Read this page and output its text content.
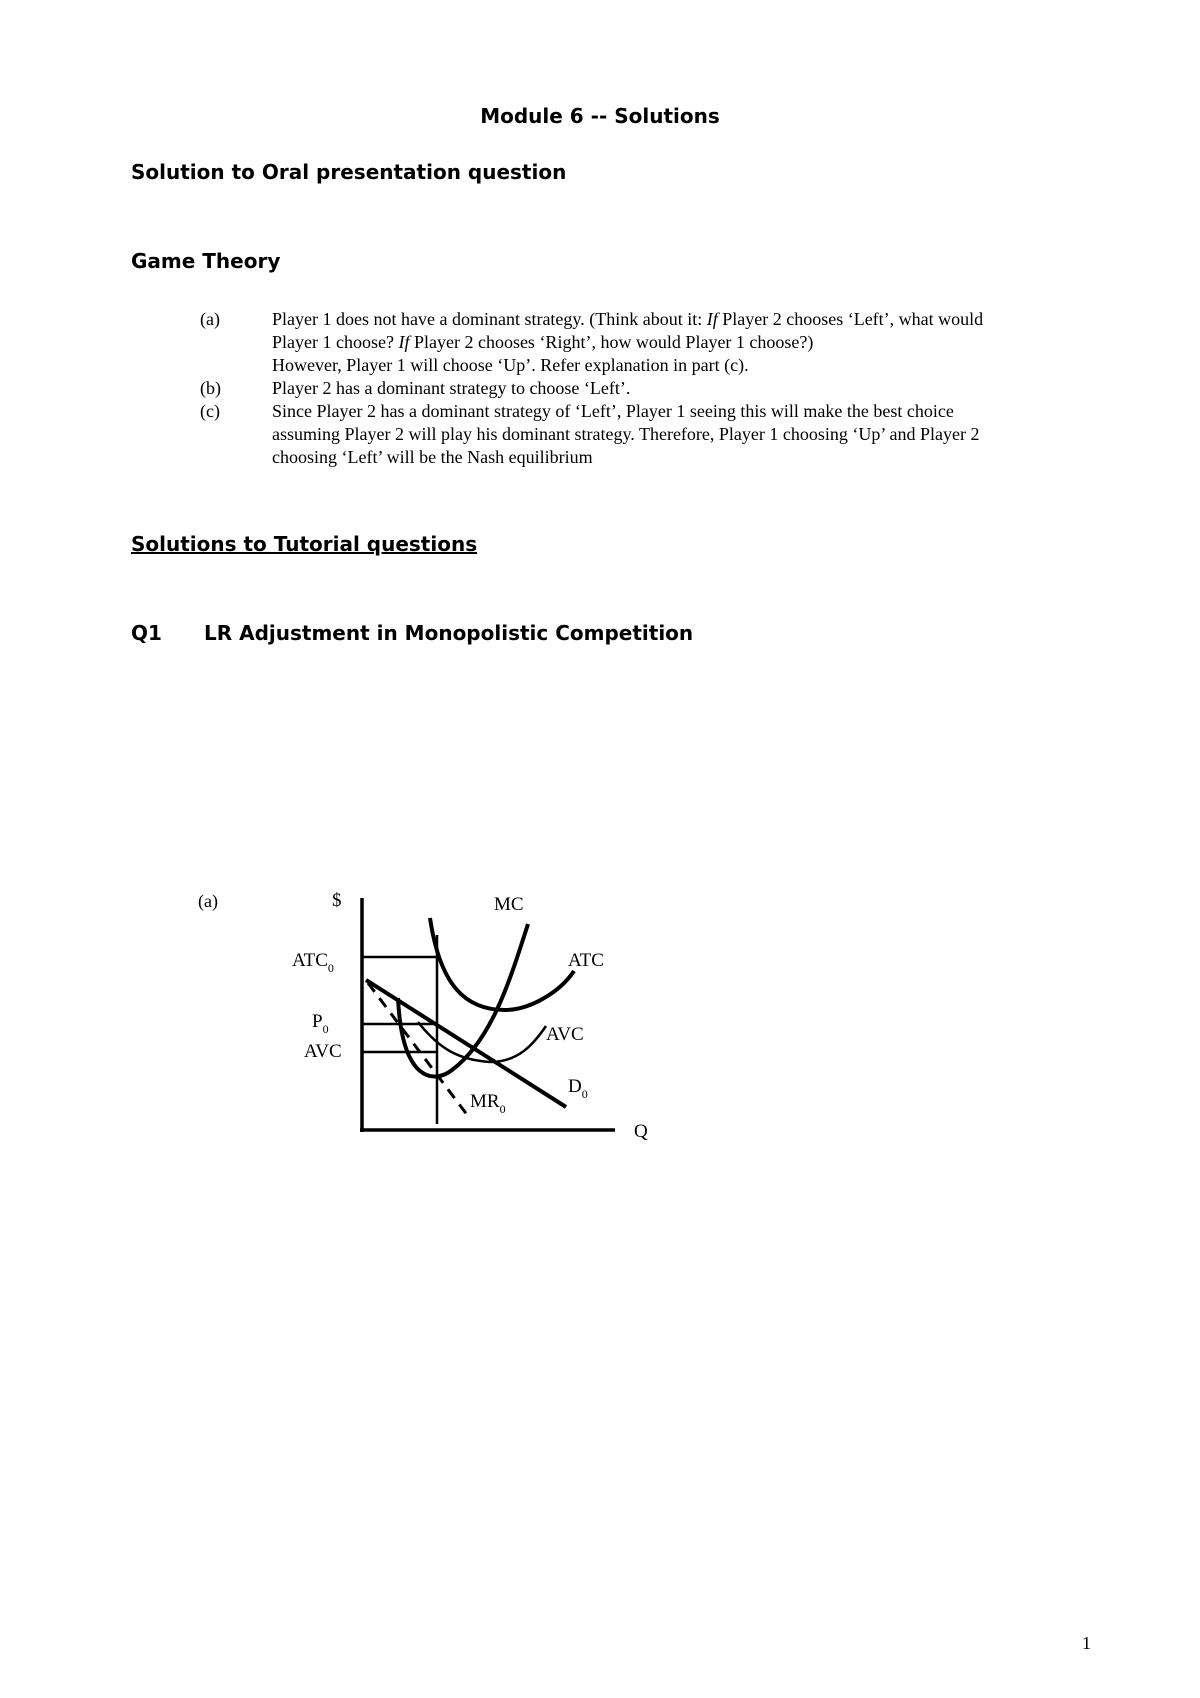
Module 6 -- Solutions
Solution to Oral presentation question
Game Theory
(a)	Player 1 does not have a dominant strategy. (Think about it: If Player 2 chooses ‘Left’, what would
Player 1 choose? If Player 2 chooses ‘Right’, how would Player 1 choose?)
However, Player 1 will choose ‘Up’. Refer explanation in part (c).
(b)	Player 2 has a dominant strategy to choose ‘Left’.
(c)	Since Player 2 has a dominant strategy of ‘Left’, Player 1 seeing this will make the best choice
assuming Player 2 will play his dominant strategy. Therefore, Player 1 choosing ‘Up’ and Player 2
choosing ‘Left’ will be the Nash equilibrium
Solutions to Tutorial questions
Q1 LR Adjustment in Monopolistic Competition
(a)	$
Q
MC
ATC
$ATC_0$
$P_0$
AVC
AVC
$D_0$
$MR_0$
1
